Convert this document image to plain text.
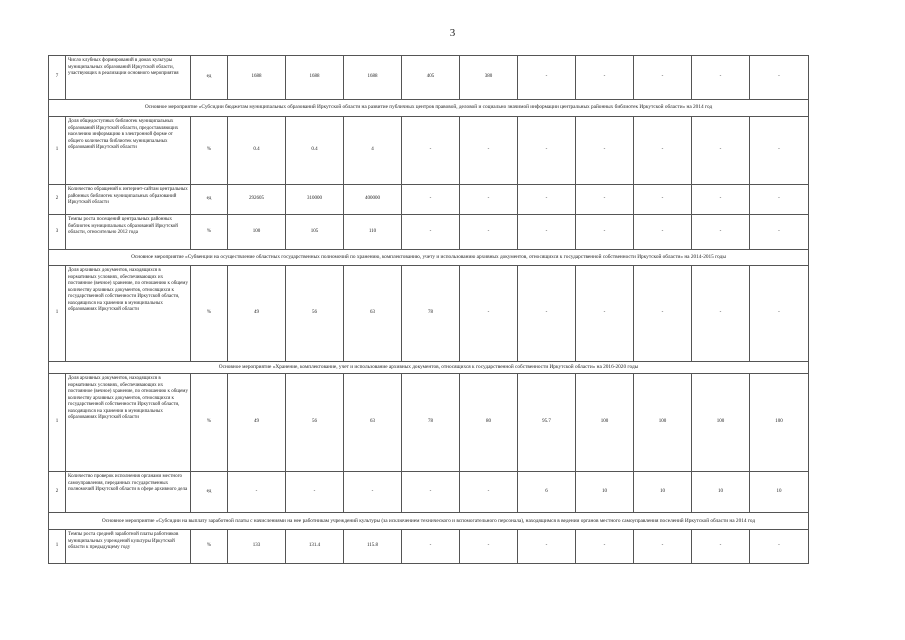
3
7	Число клубных формирований в домах культуры муниципальных образований Иркутской области, участвующих в реализации основного мероприятия	ед	1688	1688	1688	405	380	-	-	-	-	-
Основное мероприятие «Субсидии бюджетам муниципальных образований Иркутской области на развитие публичных центров правовой, деловой и социально значимой информации центральных районных библиотек Иркутской области» на 2014 год												
1	Доля общедоступных библиотек муниципальных образований Иркутской области, предоставляющих населению информацию в электронной форме от общего количества библиотек муниципальных образований Иркутской области	%	0.4	0.4	4	-	-	-	-	-	-	-
2	Количество обращений к интернет-сайтам центральных районных библиотек муниципальных образований Иркутской области	ед	292605	310000	400000	-	-	-	-	-	-	-
3	Темпы роста посещений центральных районных библиотек муниципальных образований Иркутской области, относительно 2012 года	%	100	105	110	-	-	-	-	-	-	-
Основное мероприятие «Субвенции на осуществление областных государственных полномочий по хранению, комплектованию, учету и использованию архивных документов, относящихся к государственной собственности Иркутской области» на 2014-2015 годы												
1	Доля архивных документов, находящихся в нормативных условиях, обеспечивающих их постоянное (вечное) хранение, по отношению к общему количеству архивных документов, относящихся к государственной собственности Иркутской области, находящихся на хранении в муниципальных образованиях Иркутской области	%	49	56	63	78	-	-	-	-	-	-
Основное мероприятие «Хранение, комплектование, учет и использование архивных документов, относящихся к государственной собственности Иркутской области» на 2016-2020 годы												
1	Доля архивных документов, находящихся в нормативных условиях, обеспечивающих их постоянное (вечное) хранение, по отношению к общему количеству архивных документов, относящихся к государственной собственности Иркутской области, находящихся на хранении в муниципальных образованиях Иркутской области	%	49	56	63	78	80	95.7	100	100	100	100
2	Количество проверок исполнения органами местного самоуправления, переданных государственных полномочий Иркутской области в сфере архивного дела	ед	-	-	-	-	-	6	10	10	10	10
Основное мероприятие «Субсидии на выплату заработной платы с начислениями на нее работникам учреждений культуры (за исключением технического и вспомогательного персонала), находящимся в ведении органов местного самоуправления поселений Иркутской области на 2014 год												
1	Темпы роста средней заработной платы работников муниципальных учреждений культуры Иркутской области к предыдущему году	%	133	131.4	115.8	-	-	-	-	-	-	-
